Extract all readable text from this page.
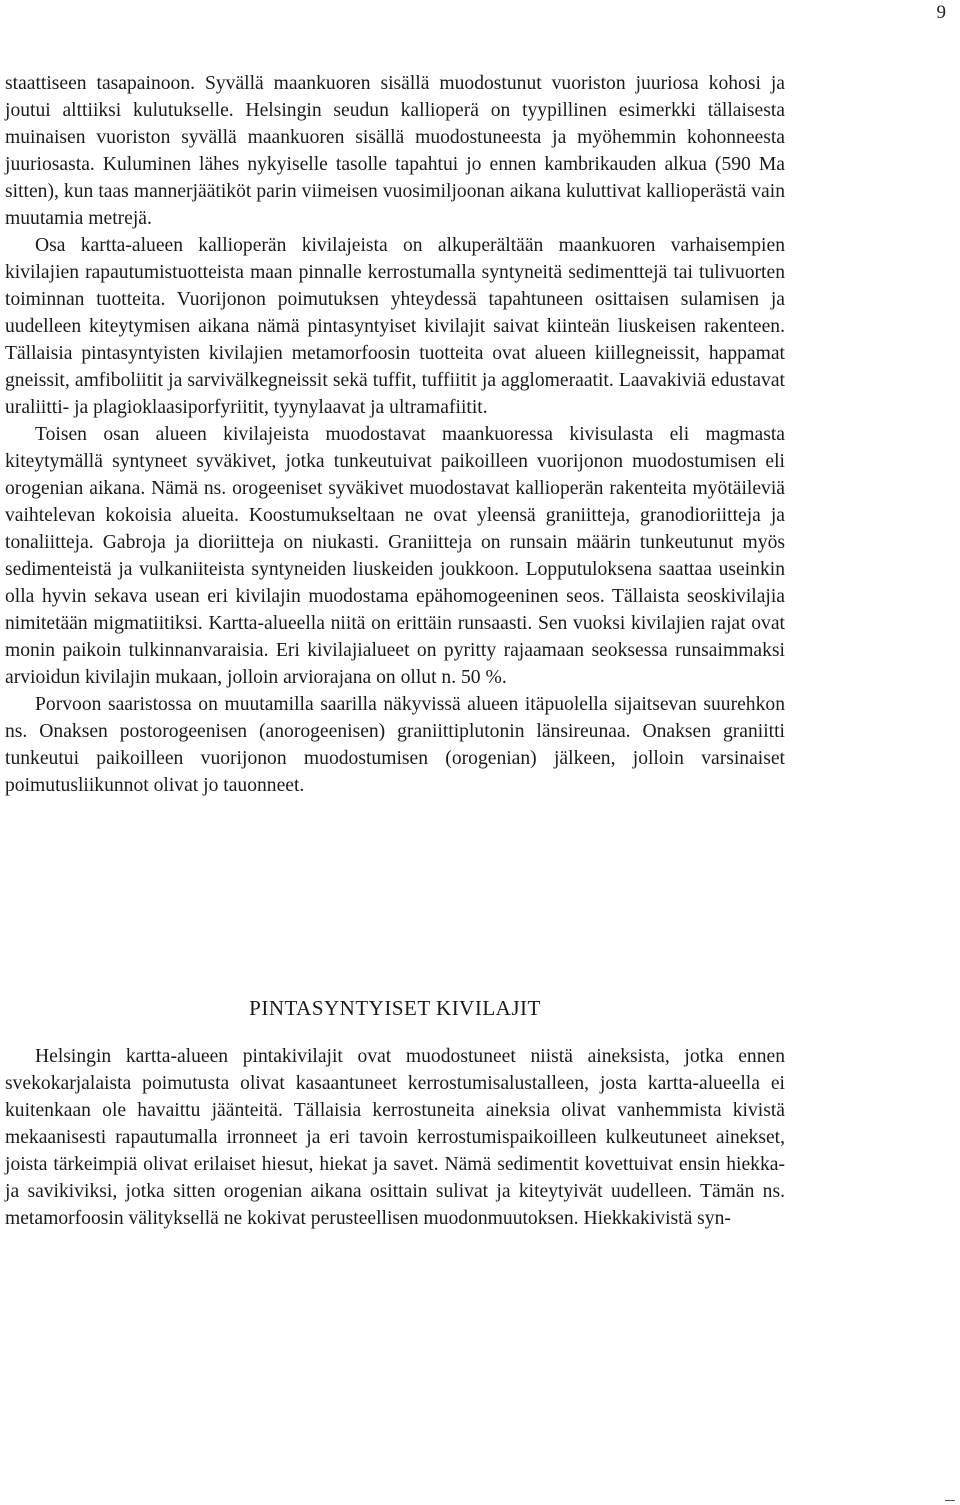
9

staattiseen tasapainoon. Syvällä maankuoren sisällä muodostunut vuoriston juuriosa kohosi ja joutui alttiiksi kulutukselle. Helsingin seudun kallioperä on tyypillinen esimerkki tällaisesta muinaisen vuoriston syvällä maankuoren sisällä muodostuneesta ja myöhemmin kohonneesta juuriosasta. Kuluminen lähes nykyiselle tasolle tapahtui jo ennen kambrikauden alkua (590 Ma sitten), kun taas mannerjäätiköt parin viimeisen vuosimiljoonan aikana kuluttivat kallioperästä vain muutamia metrejä.

Osa kartta-alueen kallioperän kivilajeista on alkuperältään maankuoren varhaisempien kivilajien rapautumistuotteista maan pinnalle kerrostumalla syntyneitä sedimenttejä tai tulivuorten toiminnan tuotteita. Vuorijonon poimutuksen yhteydessä tapahtuneen osittaisen sulamisen ja uudelleen kiteytymisen aikana nämä pintasyntyiset kivilajit saivat kiinteän liuskeisen rakenteen. Tällaisia pintasyntyisten kivilajien metamorfoosin tuotteita ovat alueen kiillegneissit, happamat gneissit, amfiboliitit ja sarvivälkegneissit sekä tuffit, tuffiitit ja agglomeraatit. Laavakiviä edustavat uraliitti- ja plagioklaasiporfyriitit, tyynylaavat ja ultramafiitit.

Toisen osan alueen kivilajeista muodostavat maankuoressa kivisulasta eli magmasta kiteytymällä syntyneet syväkivet, jotka tunkeutuivat paikoilleen vuorijonon muodostumisen eli orogenian aikana. Nämä ns. orogeeniset syväkivet muodostavat kallioperän rakenteita myötäileviä vaihtelevan kokoisia alueita. Koostumukseltaan ne ovat yleensä graniitteja, granodioriitteja ja tonaliitteja. Gabroja ja dioriitteja on niukasti. Graniitteja on runsain määrin tunkeutunut myös sedimenteistä ja vulkaniiteista syntyneiden liuskeiden joukkoon. Lopputuloksena saattaa useinkin olla hyvin sekava usean eri kivilajin muodostama epähomogeeninen seos. Tällaista seoskivilajia nimitetään migmatiitiksi. Kartta-alueella niitä on erittäin runsaasti. Sen vuoksi kivilajien rajat ovat monin paikoin tulkinnanvaraisia. Eri kivilajialueet on pyritty rajaamaan seoksessa runsaimmaksi arvioidun kivilajin mukaan, jolloin arviorajana on ollut n. 50 %.

Porvoon saaristossa on muutamilla saarilla näkyvissä alueen itäpuolella sijaitsevan suurehkon ns. Onaksen postorogeenisen (anorogeenisen) graniittiplutonin länsireunaa. Onaksen graniitti tunkeutui paikoilleen vuorijonon muodostumisen (orogenian) jälkeen, jolloin varsinaiset poimutusliikunnot olivat jo tauonneet.

PINTASYNTYISET KIVILAJIT

Helsingin kartta-alueen pintakivilajit ovat muodostuneet niistä aineksista, jotka ennen svekokarjalaista poimutusta olivat kasaantuneet kerrostumisalustalleen, josta kartta-alueella ei kuitenkaan ole havaittu jäänteitä. Tällaisia kerrostuneita aineksia olivat vanhemmista kivistä mekaanisesti rapautumalla irronneet ja eri tavoin kerrostumispaikoilleen kulkeutuneet ainekset, joista tärkeimpiä olivat erilaiset hiesut, hiekat ja savet. Nämä sedimentit kovettuivat ensin hiekka- ja savikiviksi, jotka sitten orogenian aikana osittain sulivat ja kiteytyivät uudelleen. Tämän ns. metamorfoosin välityksellä ne kokivat perusteellisen muodonmuutoksen. Hiekkakivistä syn-
